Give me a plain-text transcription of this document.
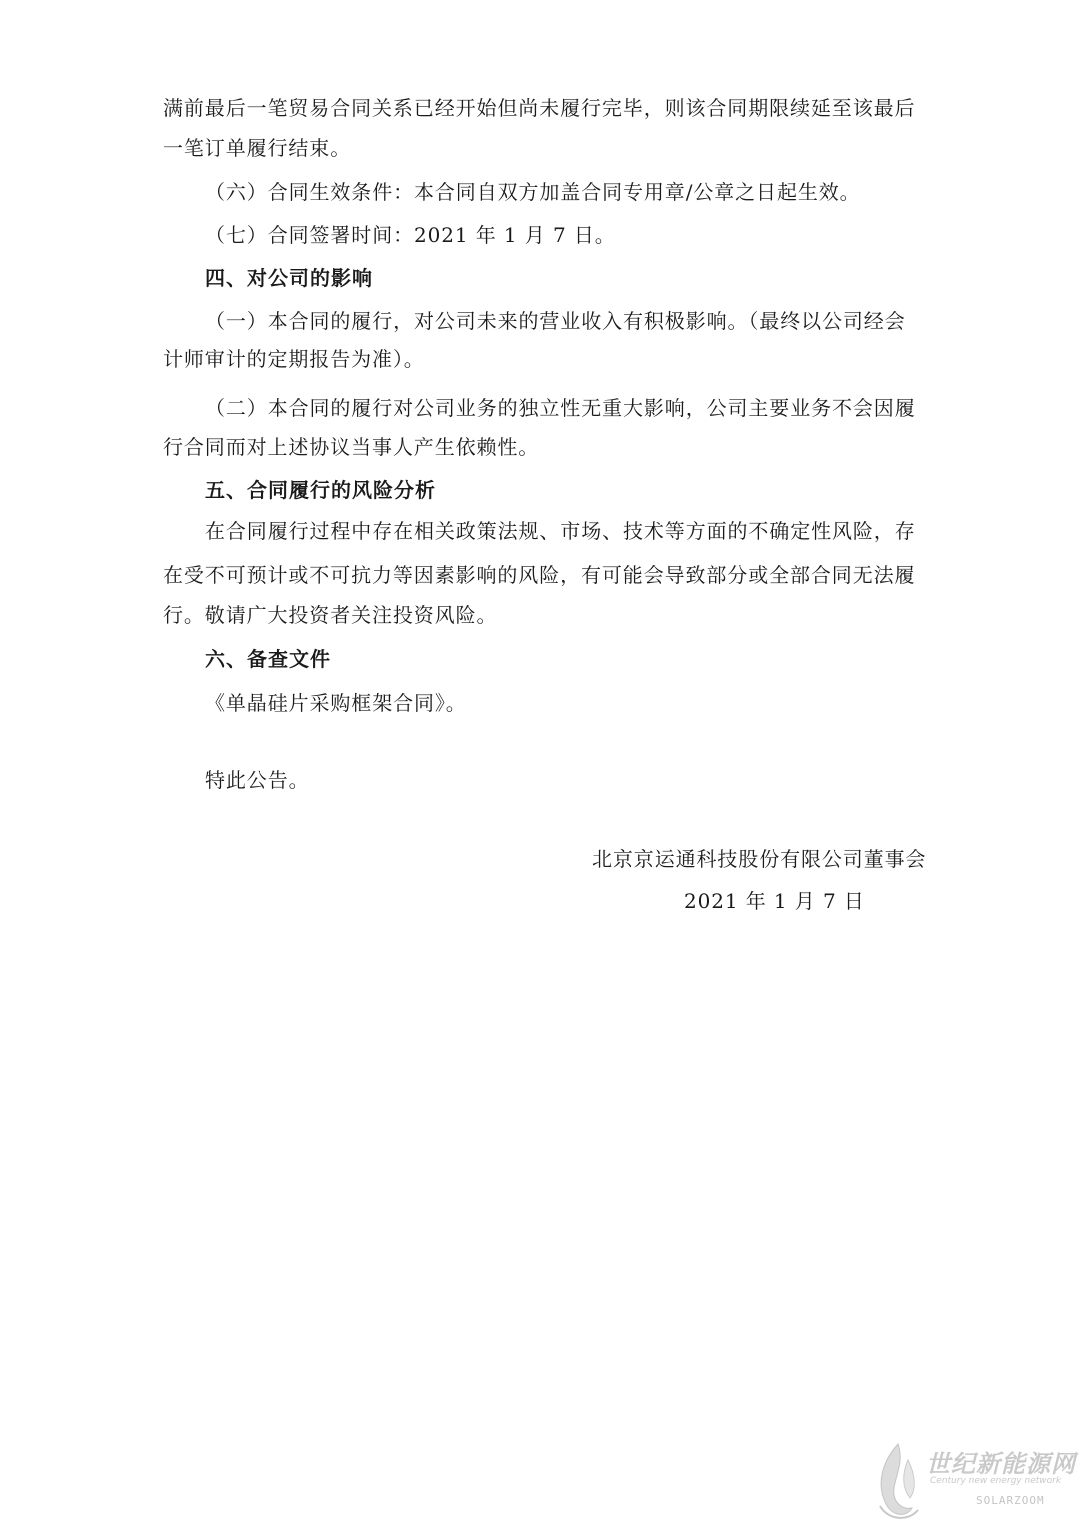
满前最后一笔贸易合同关系已经开始但尚未履行完毕，则该合同期限续延至该最后
一笔订单履行结束。
（六）合同生效条件：本合同自双方加盖合同专用章/公章之日起生效。
（七）合同签署时间：2021 年 1 月 7 日。
四、对公司的影响
（一）本合同的履行，对公司未来的营业收入有积极影响。（最终以公司经会
计师审计的定期报告为准）。
（二）本合同的履行对公司业务的独立性无重大影响，公司主要业务不会因履
行合同而对上述协议当事人产生依赖性。
五、合同履行的风险分析
在合同履行过程中存在相关政策法规、市场、技术等方面的不确定性风险，存
在受不可预计或不可抗力等因素影响的风险，有可能会导致部分或全部合同无法履
行。敬请广大投资者关注投资风险。
六、备查文件
《单晶硅片采购框架合同》。
特此公告。
北京京运通科技股份有限公司董事会
2021 年 1 月 7 日
世纪新能源网
Century new energy network
SOLARZOOM
